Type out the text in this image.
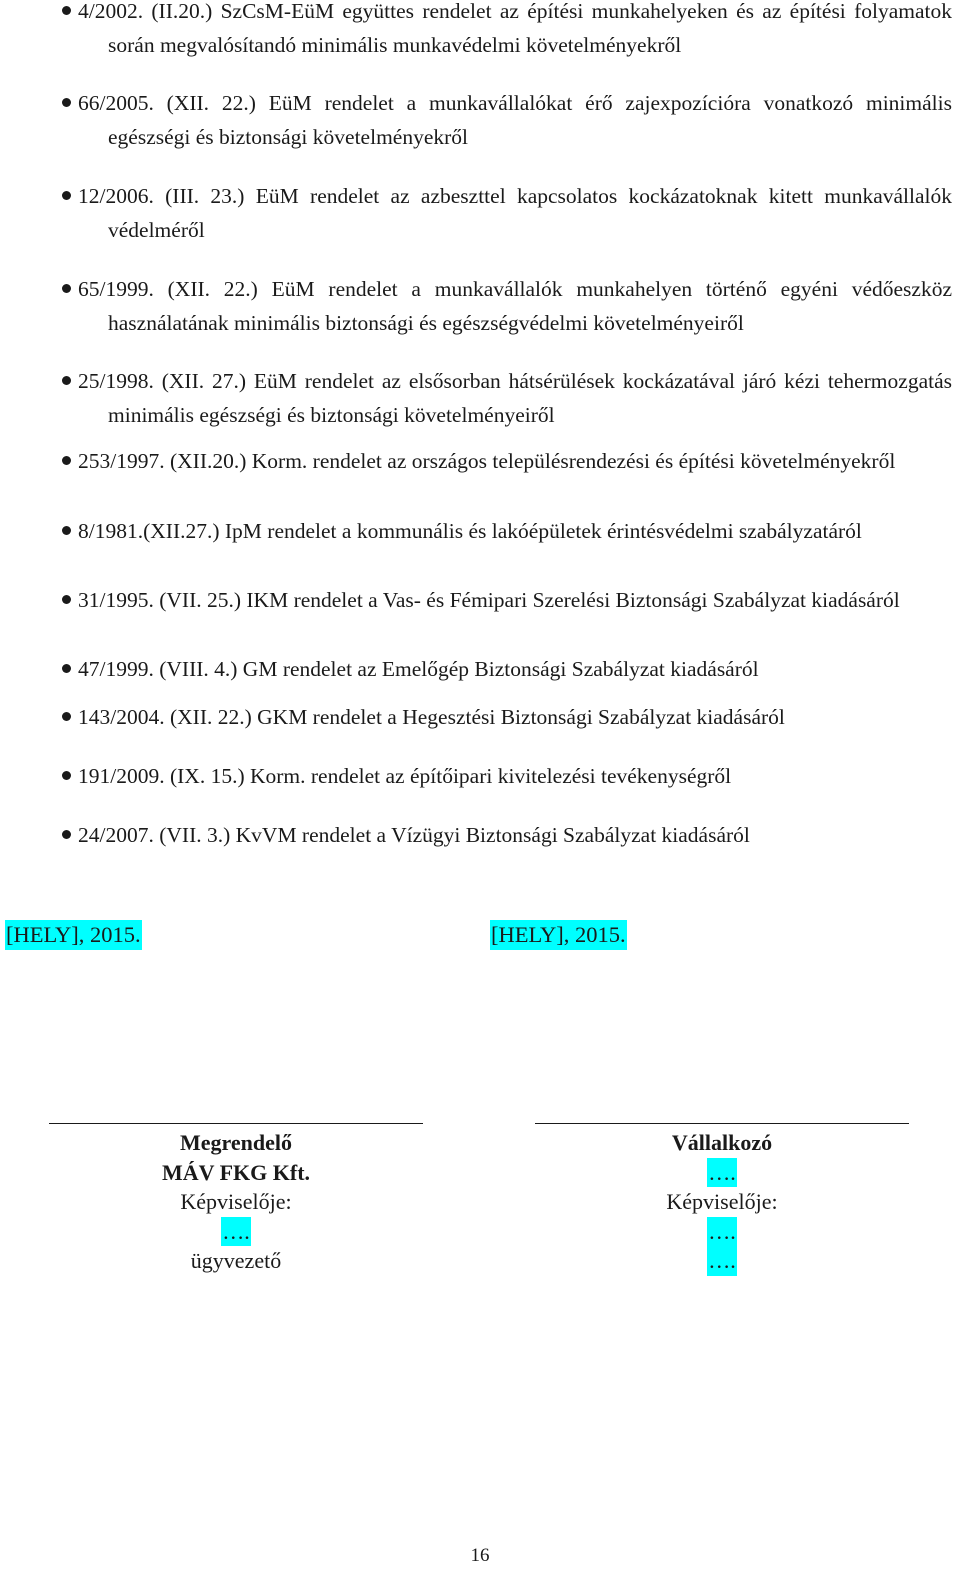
4/2002. (II.20.) SzCsM-EüM együttes rendelet az építési munkahelyeken és az építési folyamatok során megvalósítandó minimális munkavédelmi követelményekről
66/2005. (XII. 22.) EüM rendelet a munkavállalókat érő zajexpozícióra vonatkozó minimális egészségi és biztonsági követelményekről
12/2006. (III. 23.) EüM rendelet az azbeszttel kapcsolatos kockázatoknak kitett munkavállalók védelméről
65/1999. (XII. 22.) EüM rendelet a munkavállalók munkahelyen történő egyéni védőeszköz használatának minimális biztonsági és egészségvédelmi követelményeiről
25/1998. (XII. 27.) EüM rendelet az elsősorban hátsérülések kockázatával járó kézi tehermozgatás minimális egészségi és biztonsági követelményeiről
253/1997. (XII.20.) Korm. rendelet az országos településrendezési és építési követelményekről
8/1981.(XII.27.) IpM rendelet a kommunális és lakóépületek érintésvédelmi szabályzatáról
31/1995. (VII. 25.) IKM rendelet a Vas- és Fémipari Szerelési Biztonsági Szabályzat kiadásáról
47/1999. (VIII. 4.) GM rendelet az Emelőgép Biztonsági Szabályzat kiadásáról
143/2004. (XII. 22.) GKM rendelet a Hegesztési Biztonsági Szabályzat kiadásáról
191/2009. (IX. 15.) Korm. rendelet az építőipari kivitelezési tevékenységről
24/2007. (VII. 3.) KvVM rendelet a Vízügyi Biztonsági Szabályzat kiadásáról
[HELY], 2015.	[HELY], 2015.
Megrendelő
MÁV FKG Kft.
Képviselője:
….
ügyvezető
Vállalkozó
….
Képviselője:
….
….
16
